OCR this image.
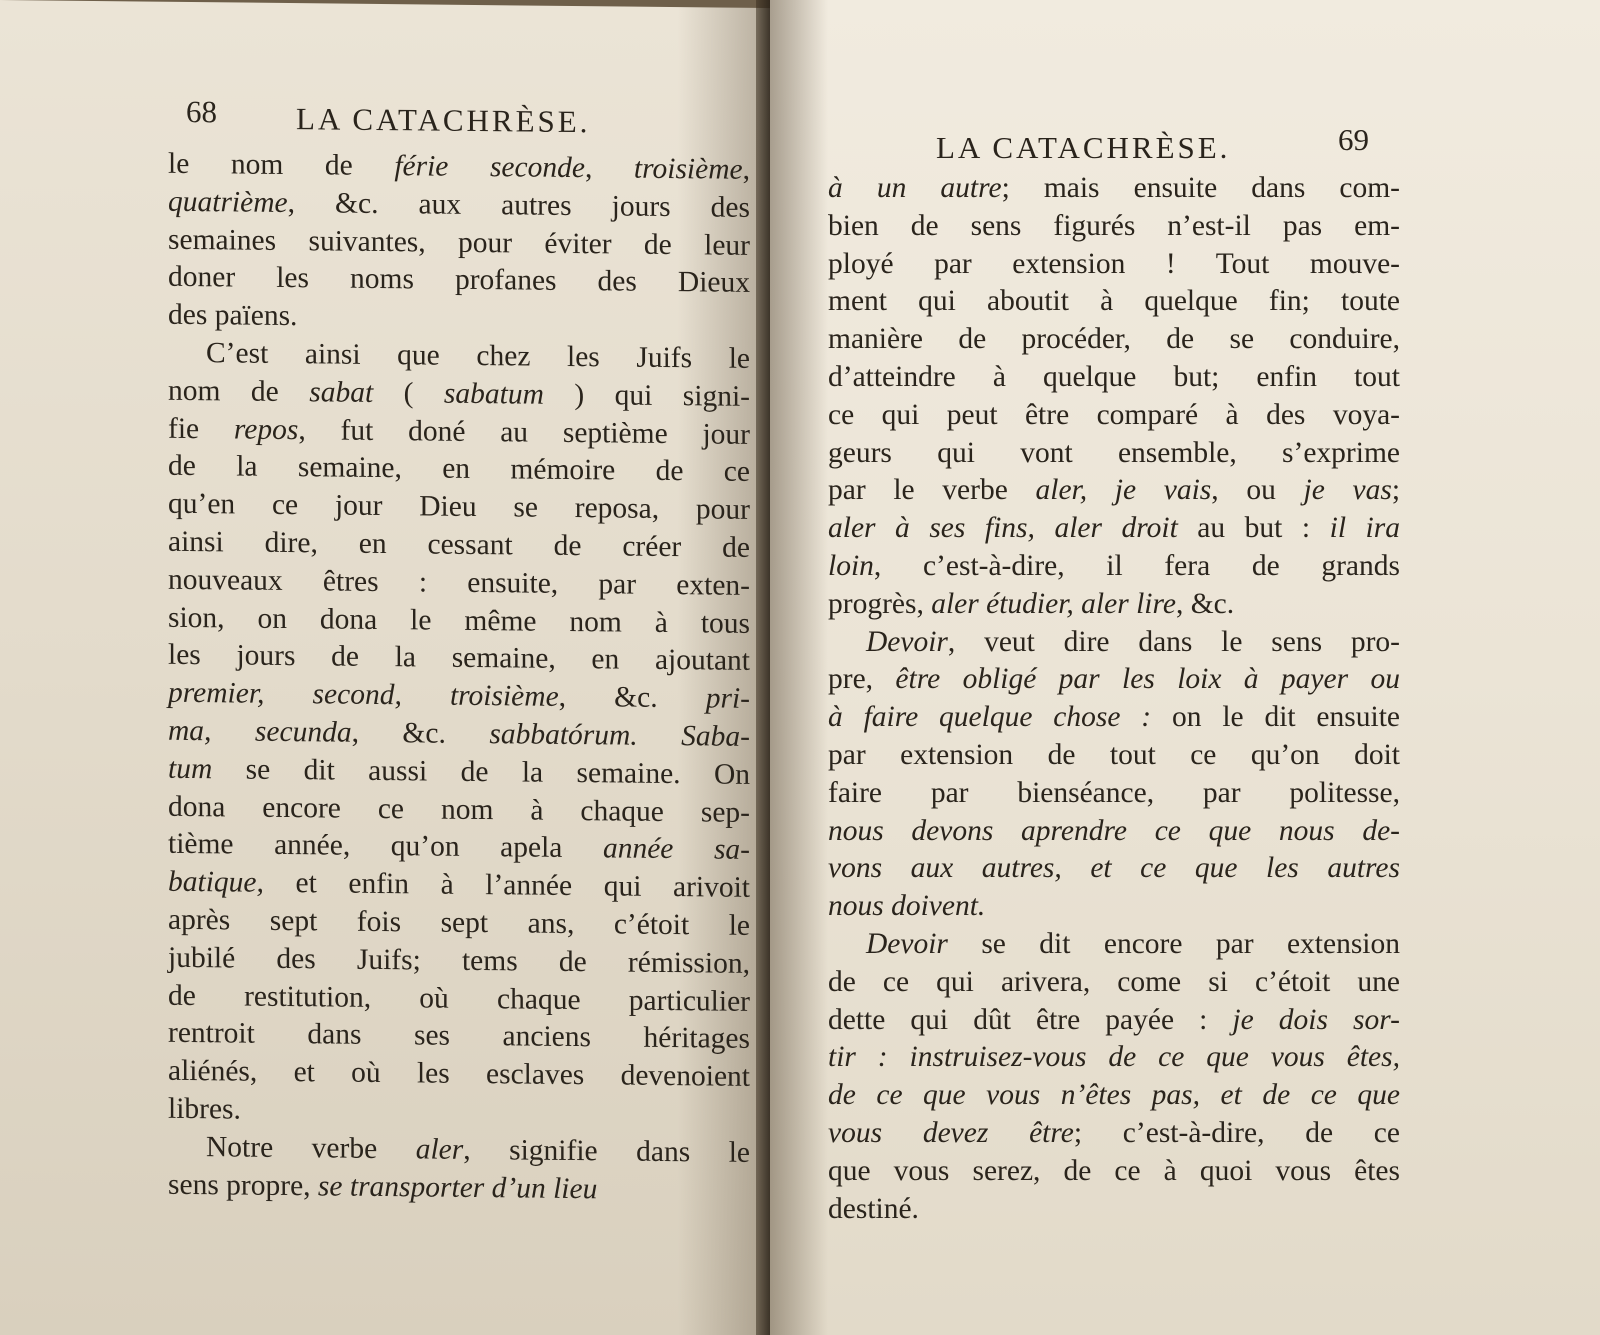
68	LA CATACHRÈSE.
le nom de férie seconde, troisième,
quatrième, &c. aux autres jours des
semaines suivantes, pour éviter de leur
doner les noms profanes des Dieux
des païens.
C’est ainsi que chez les Juifs le
nom de sabat ( sabatum ) qui signi-
fie repos, fut doné au septième jour
de la semaine, en mémoire de ce
qu’en ce jour Dieu se reposa, pour
ainsi dire, en cessant de créer de
nouveaux êtres : ensuite, par exten-
sion, on dona le même nom à tous
les jours de la semaine, en ajoutant
premier, second, troisième, &c. pri-
ma, secunda, &c. sabbatórum. Saba-
tum se dit aussi de la semaine. On
dona encore ce nom à chaque sep-
tième année, qu’on apela année sa-
batique, et enfin à l’année qui arivoit
après sept fois sept ans, c’étoit le
jubilé des Juifs; tems de rémission,
de restitution, où chaque particulier
rentroit dans ses anciens héritages
aliénés, et où les esclaves devenoient
libres.
Notre verbe aler, signifie dans le
sens propre, se transporter d’un lieu
LA CATACHRÈSE.	69
à un autre; mais ensuite dans com-
bien de sens figurés n’est-il pas em-
ployé par extension ! Tout mouve-
ment qui aboutit à quelque fin; toute
manière de procéder, de se conduire,
d’atteindre à quelque but; enfin tout
ce qui peut être comparé à des voya-
geurs qui vont ensemble, s’exprime
par le verbe aler, je vais, ou je vas;
aler à ses fins, aler droit au but : il ira
loin, c’est-à-dire, il fera de grands
progrès, aler étudier, aler lire, &c.
Devoir, veut dire dans le sens pro-
pre, être obligé par les loix à payer ou
à faire quelque chose : on le dit ensuite
par extension de tout ce qu’on doit
faire par bienséance, par politesse,
nous devons aprendre ce que nous de-
vons aux autres, et ce que les autres
nous doivent.
Devoir se dit encore par extension
de ce qui arivera, come si c’étoit une
dette qui dût être payée : je dois sor-
tir : instruisez-vous de ce que vous êtes,
de ce que vous n’êtes pas, et de ce que
vous devez être; c’est-à-dire, de ce
que vous serez, de ce à quoi vous êtes
destiné.
